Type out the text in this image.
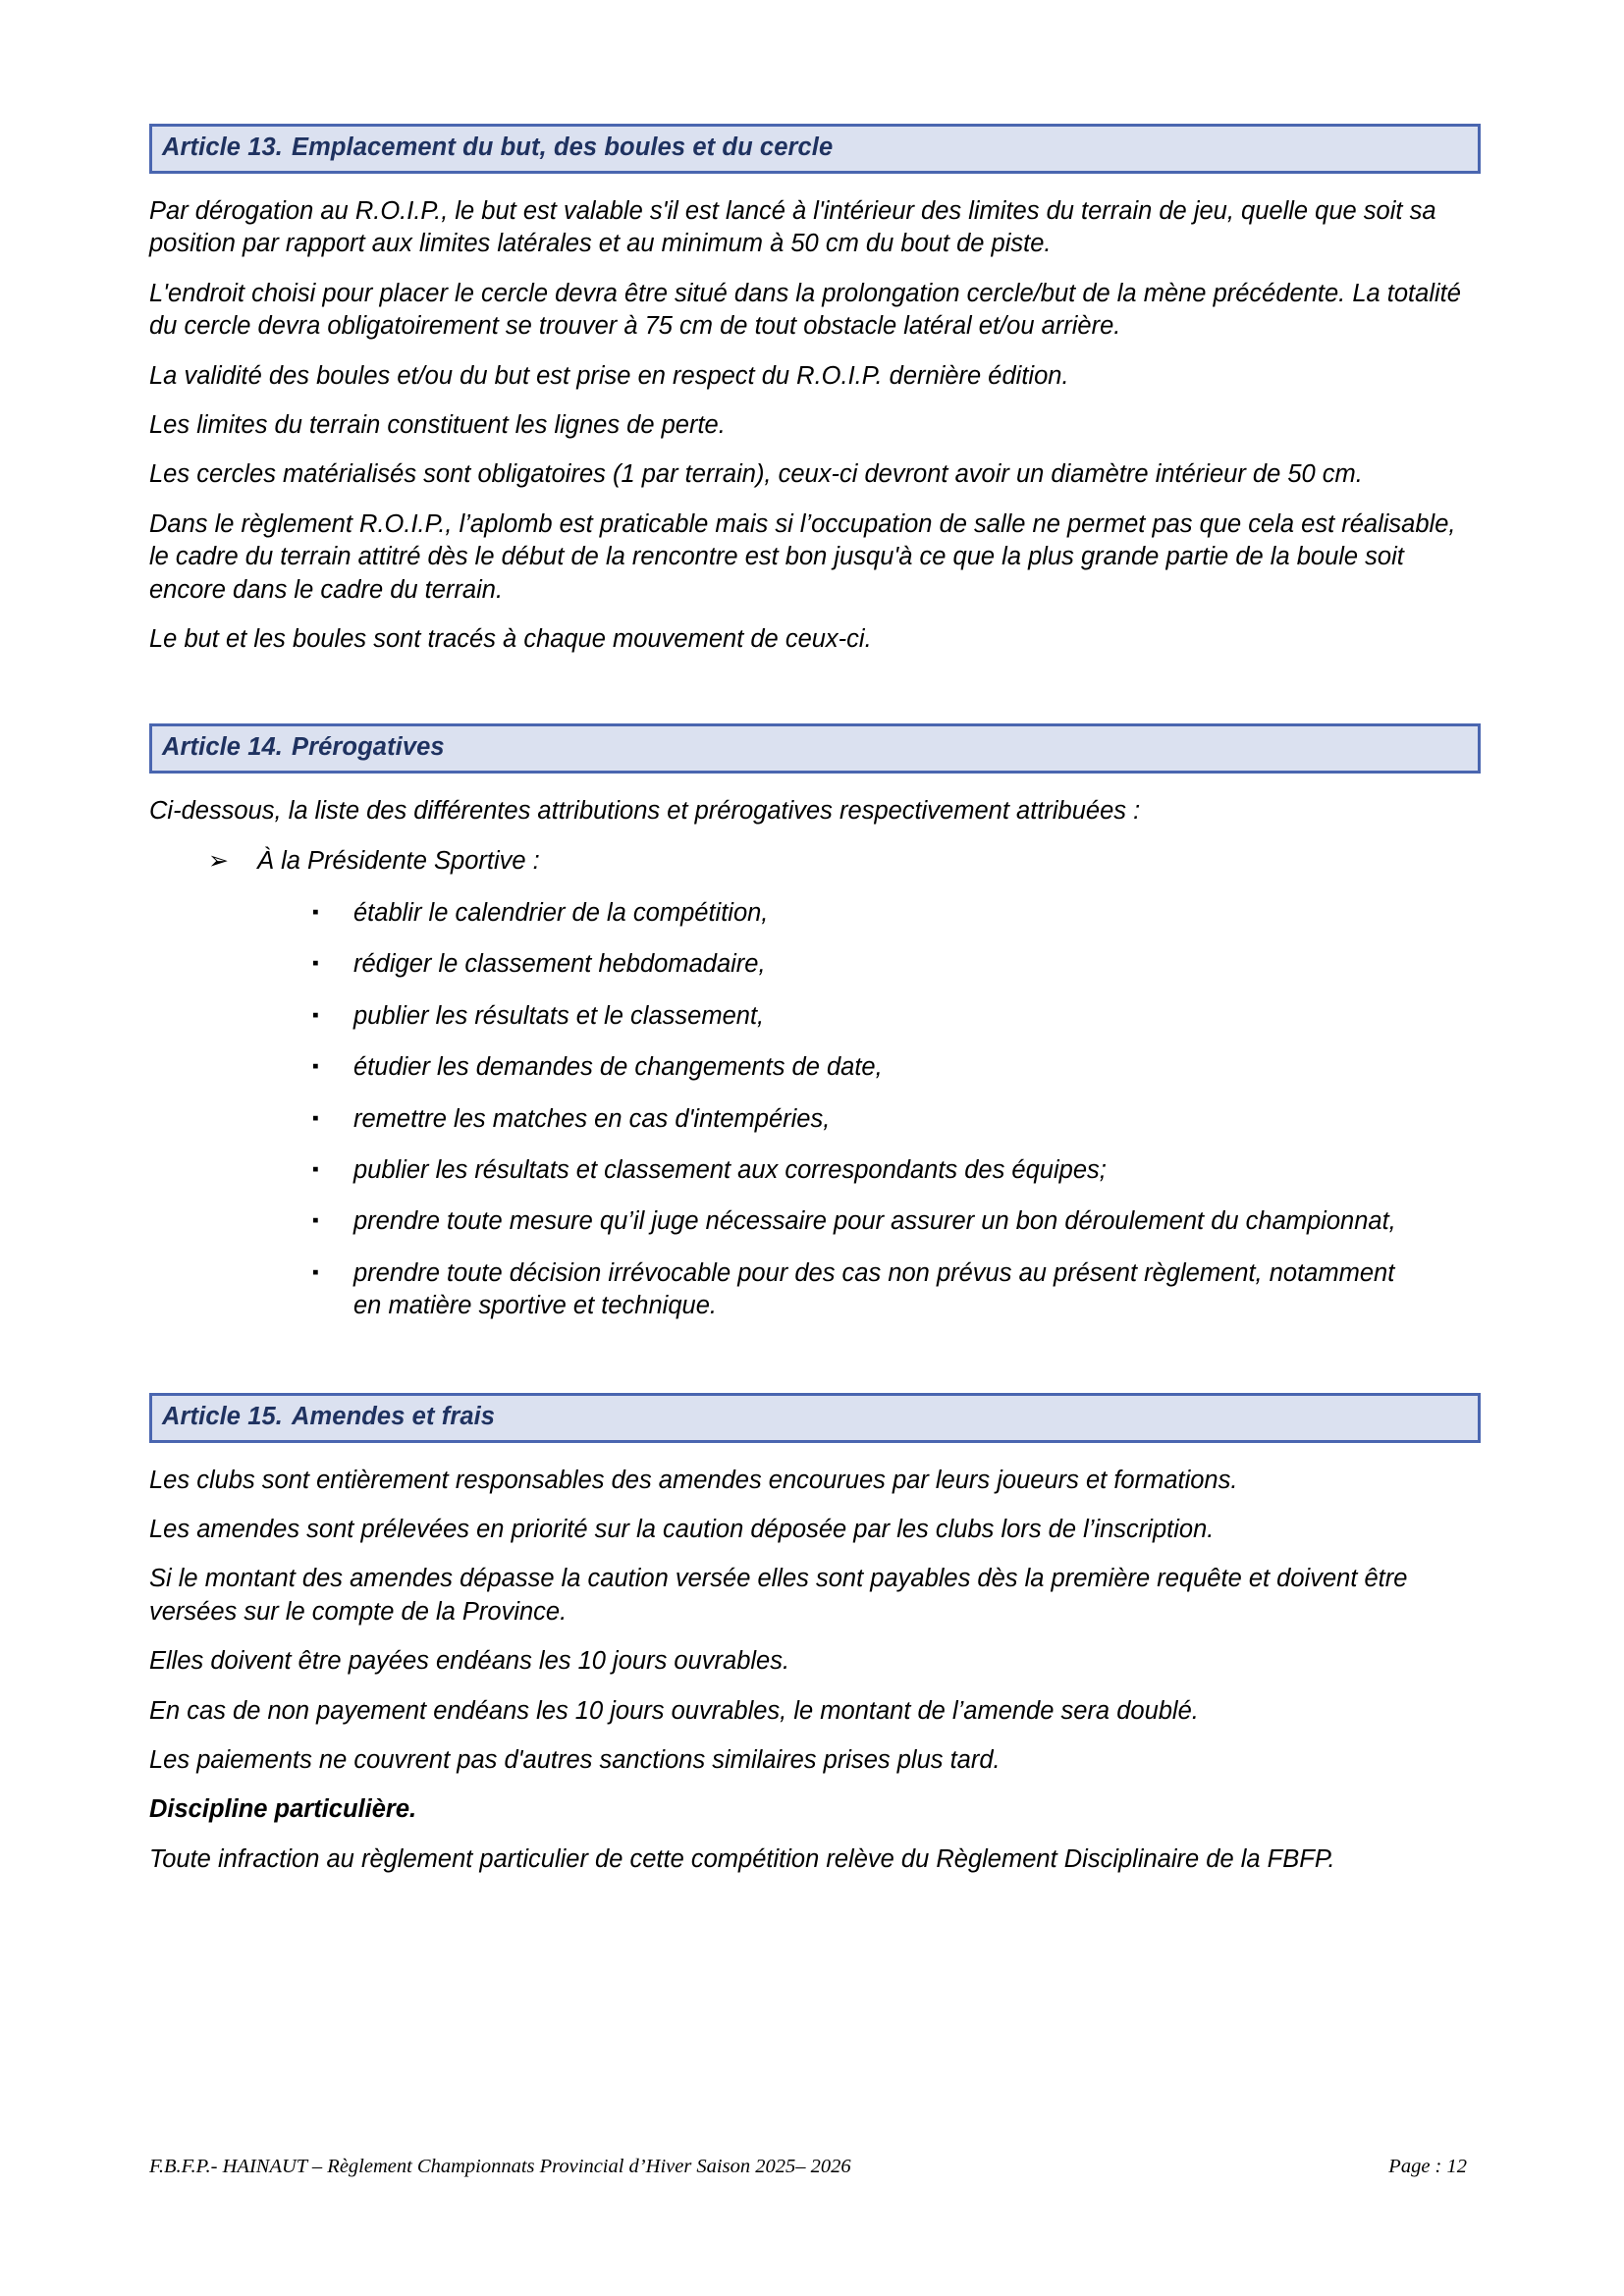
Article 13. Emplacement du but, des boules et du cercle

Par dérogation au R.O.I.P., le but est valable s'il est lancé à l'intérieur des limites du terrain de jeu, quelle que soit sa position par rapport aux limites latérales et au minimum à 50 cm du bout de piste.

L'endroit choisi pour placer le cercle devra être situé dans la prolongation cercle/but de la mène précédente. La totalité du cercle devra obligatoirement se trouver à 75 cm de tout obstacle latéral et/ou arrière.

La validité des boules et/ou du but est prise en respect du R.O.I.P. dernière édition.

Les limites du terrain constituent les lignes de perte.

Les cercles matérialisés sont obligatoires (1 par terrain), ceux-ci devront avoir un diamètre intérieur de 50 cm.

Dans le règlement R.O.I.P., l’aplomb est praticable mais si l’occupation de salle ne permet pas que cela est réalisable, le cadre du terrain attitré dès le début de la rencontre est bon jusqu'à ce que la plus grande partie de la boule soit encore dans le cadre du terrain.

Le but et les boules sont tracés à chaque mouvement de ceux-ci.

Article 14. Prérogatives

Ci-dessous, la liste des différentes attributions et prérogatives respectivement attribuées :

➢	À la Présidente Sportive :
▪	établir le calendrier de la compétition,
▪	rédiger le classement hebdomadaire,
▪	publier les résultats et le classement,
▪	étudier les demandes de changements de date,
▪	remettre les matches en cas d'intempéries,
▪	publier les résultats et classement aux correspondants des équipes;
▪	prendre toute mesure qu’il juge nécessaire pour assurer un bon déroulement du championnat,
▪	prendre toute décision irrévocable pour des cas non prévus au présent règlement, notamment en matière sportive et technique.
Article 15. Amendes et frais

Les clubs sont entièrement responsables des amendes encourues par leurs joueurs et formations.

Les amendes sont prélevées en priorité sur la caution déposée par les clubs lors de l’inscription.

Si le montant des amendes dépasse la caution versée elles sont payables dès la première requête et doivent être versées sur le compte de la Province.

Elles doivent être payées endéans les 10 jours ouvrables.

En cas de non payement endéans les 10 jours ouvrables, le montant de l’amende sera doublé.

Les paiements ne couvrent pas d'autres sanctions similaires prises plus tard.

Discipline particulière.

Toute infraction au règlement particulier de cette compétition relève du Règlement Disciplinaire de la FBFP.

F.B.F.P.- HAINAUT – Règlement Championnats Provincial d’Hiver Saison 2025– 2026	Page : 12
